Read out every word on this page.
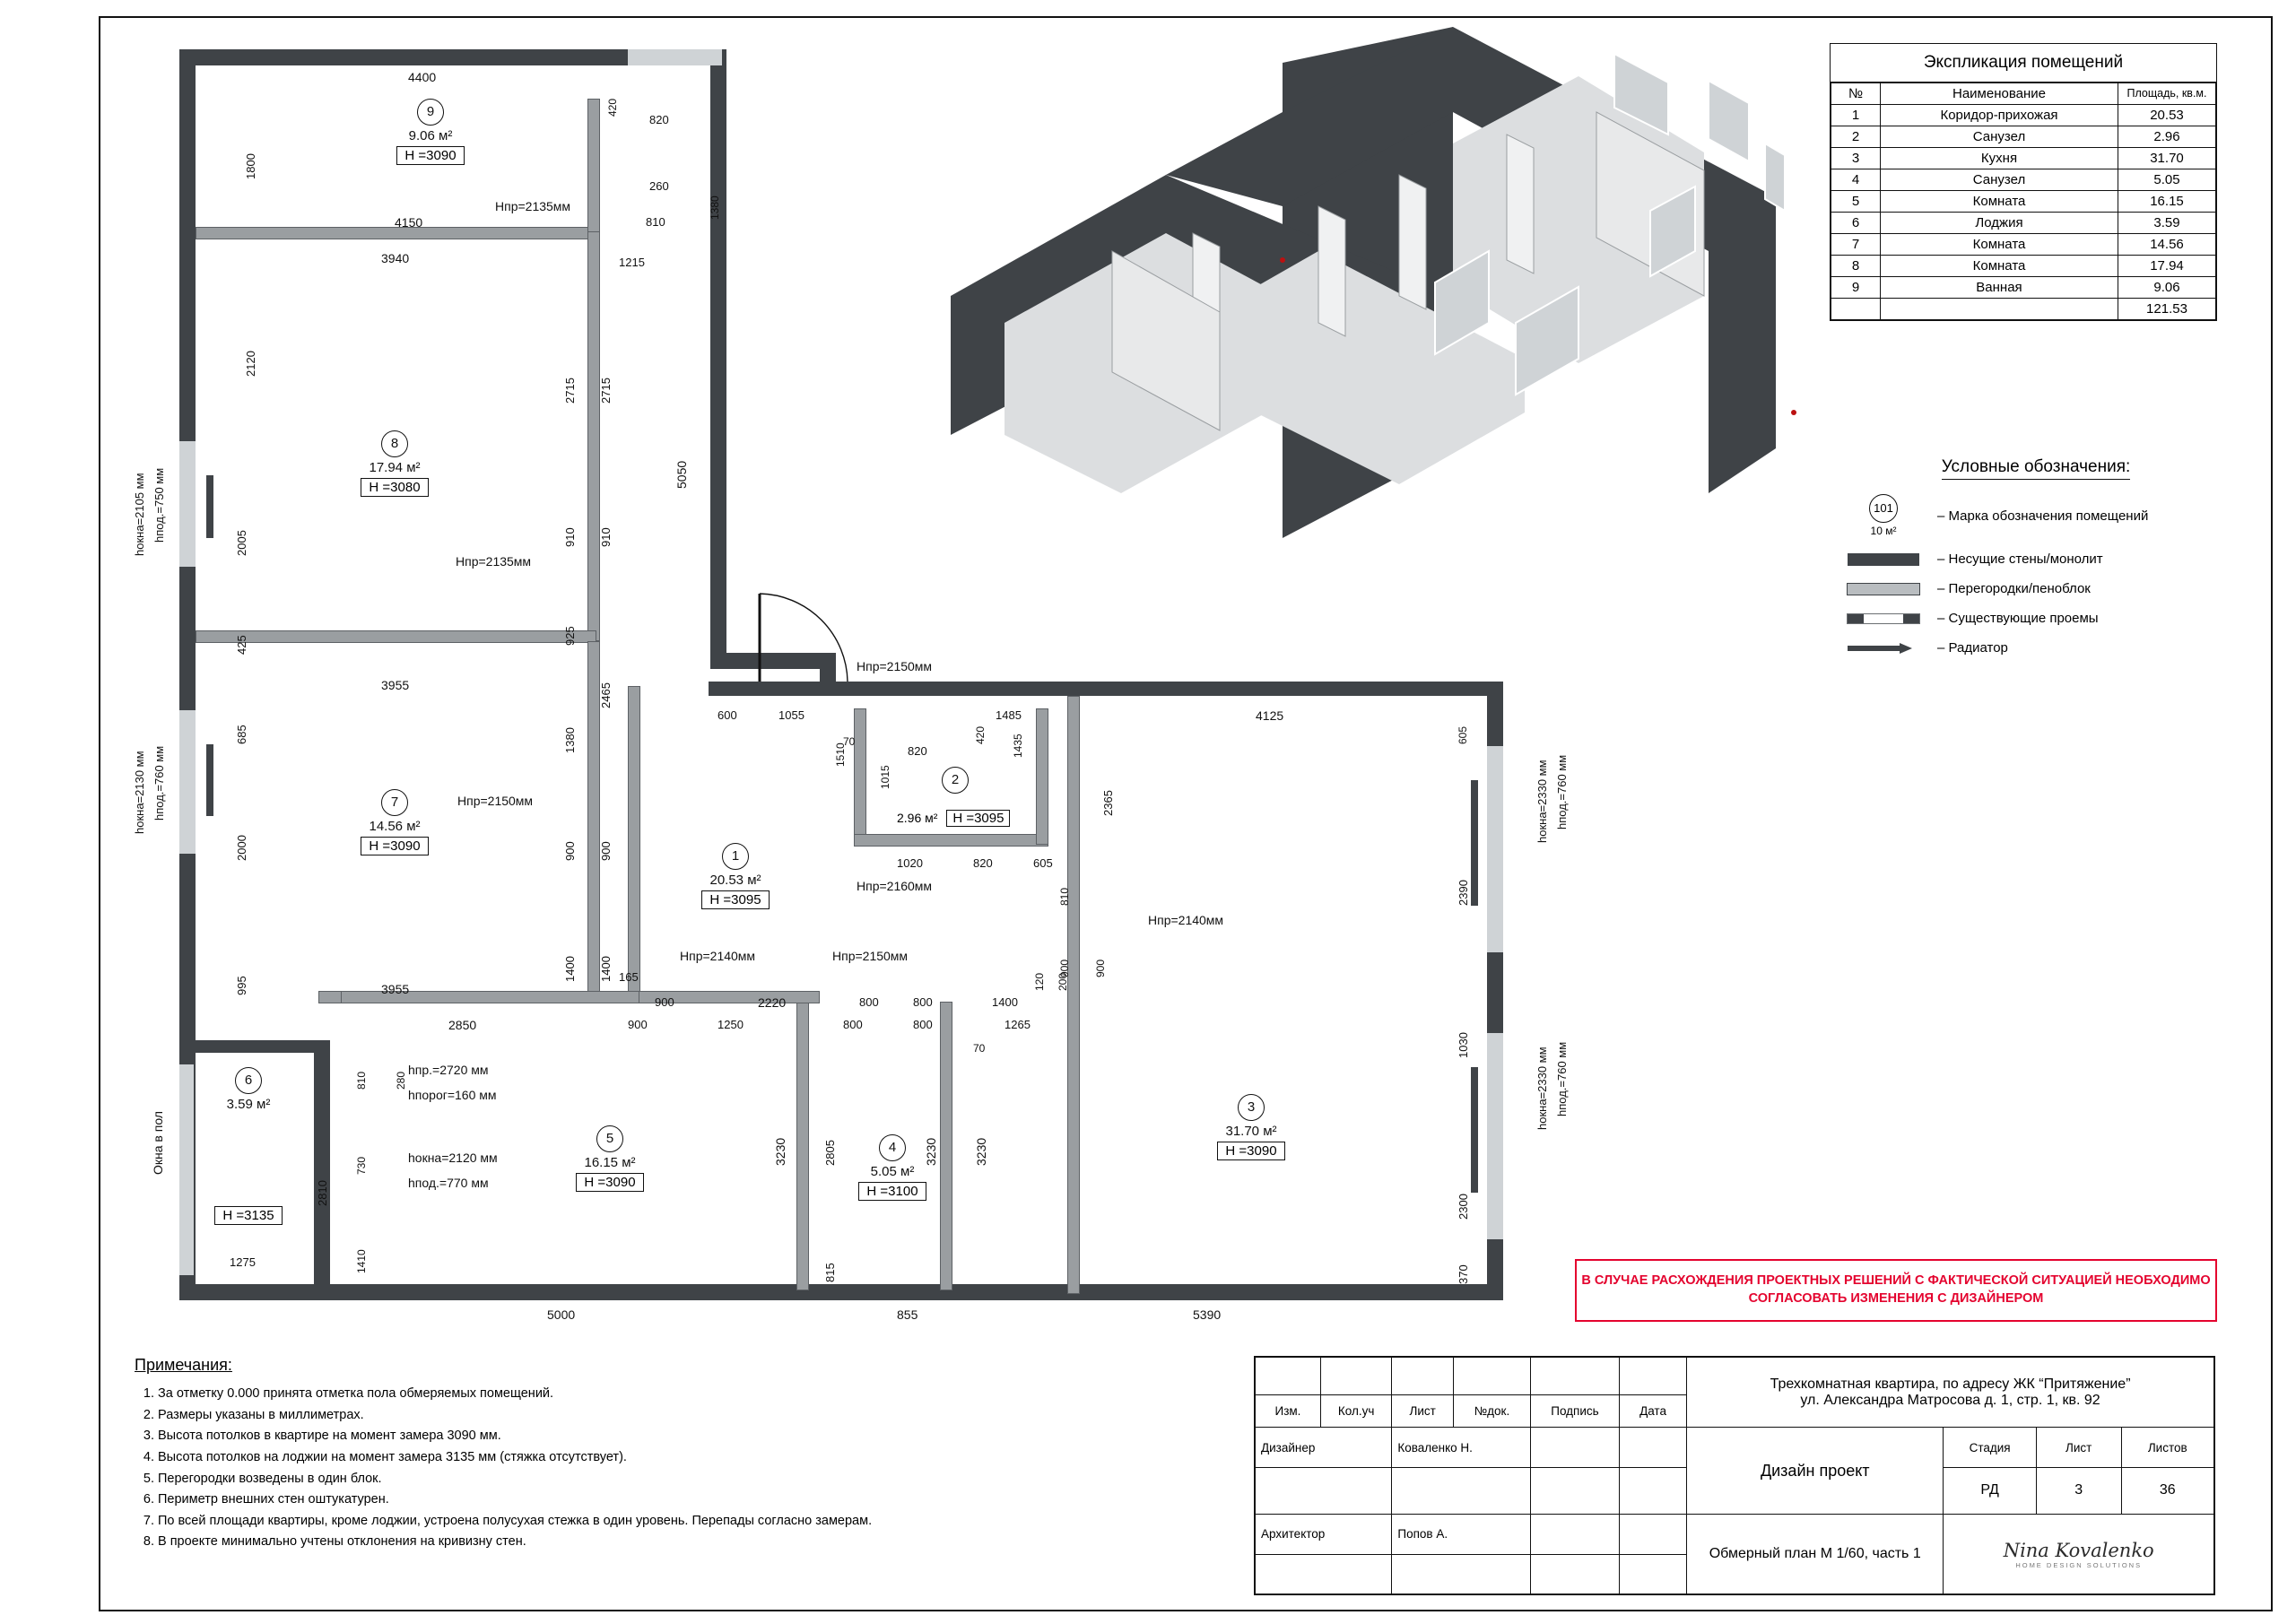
9
9.06 м²
H =3090
8
17.94 м²
H =3080
7
14.56 м²
H =3090
6
3.59 м²
H =3135
5
16.15 м²
H =3090
4
5.05 м²
H =3100
3
31.70 м²
H =3090
2
2.96 м² H =3095
1
20.53 м²
H =3095
Hпр=2135мм
Hпр=2135мм
Hпр=2150мм
Hпр=2150мм
Hпр=2160мм
Hпр=2140мм	Hпр=2150мм
Hпр=2140мм
hпр.=2720 мм
hпорог=160 мм
hокна=2120 мм
hпод.=770 мм
hокна=2105 мм hпод.=750 мм
hокна=2130 мм hпод.=760 мм	hокна=2330 мм hпод.=760 мм
hокна=2330 мм hпод.=760 мм
Окна в пол
4400
420
820
260
1380
810
4150
3940	1215
2715 2715
5050
1800
2120
2005
425
685
2000
995
810	280
730
2810
1410
1275
3955
1380
2465
910 910
925
900 900
1400 1400
3955
165
900	2220	800	800
2850	900	1250	800	800	1265
70
120
1400
200
900 900
810
2365
1015
820
420 1435
1485
1510
70
600	1055
1020	820	605
605
4125
2390
1030
2300
370
3230	2805	3230	3230
5000
815
855	5390
Экспликация помещений
№	Наименование	Площадь, кв.м.
1	Коридор-прихожая	20.53
2	Санузел	2.96
3	Кухня	31.70
4	Санузел	5.05
5	Комната	16.15
6	Лоджия	3.59
7	Комната	14.56
8	Комната	17.94
9	Ванная	9.06
		121.53
Условные обозначения:
101
10 м²
– Марка обозначения помещений
– Несущие стены/монолит
– Перегородки/пеноблок
– Существующие проемы
– Радиатор
В СЛУЧАЕ РАСХОЖДЕНИЯ ПРОЕКТНЫХ РЕШЕНИЙ С ФАКТИЧЕСКОЙ СИТУАЦИЕЙ НЕОБХОДИМО СОГЛАСОВАТЬ ИЗМЕНЕНИЯ С ДИЗАЙНЕРОМ
Примечания:
1. За отметку 0.000 принята отметка пола обмеряемых помещений.
2. Размеры указаны в миллиметрах.
3. Высота потолков в квартире на момент замера 3090 мм.
4. Высота потолков на лоджии на момент замера 3135 мм (стяжка отсутствует).
5. Перегородки возведены в один блок.
6. Периметр внешних стен оштукатурен.
7. По всей площади квартиры, кроме лоджии, устроена полусухая стежка в один уровень. Перепады согласно замерам.
8. В проекте минимально учтены отклонения на кривизну стен.

						Трехкомнатная квартира, по адресу ЖК “Притяжение”
ул. Александра Матросова д. 1, стр. 1, кв. 92			

Изм.	Кол.уч	Лист	№док.	Подпись	Дата				
Дизайнер		Коваленко Н.				Дизайн проект	Стадия	Лист	Листов
							РД	3	36
Архитектор		Попов А.				Обмерный план М 1/60, часть 1	Nina Kovalenko
HOME DESIGN SOLUTIONS		
